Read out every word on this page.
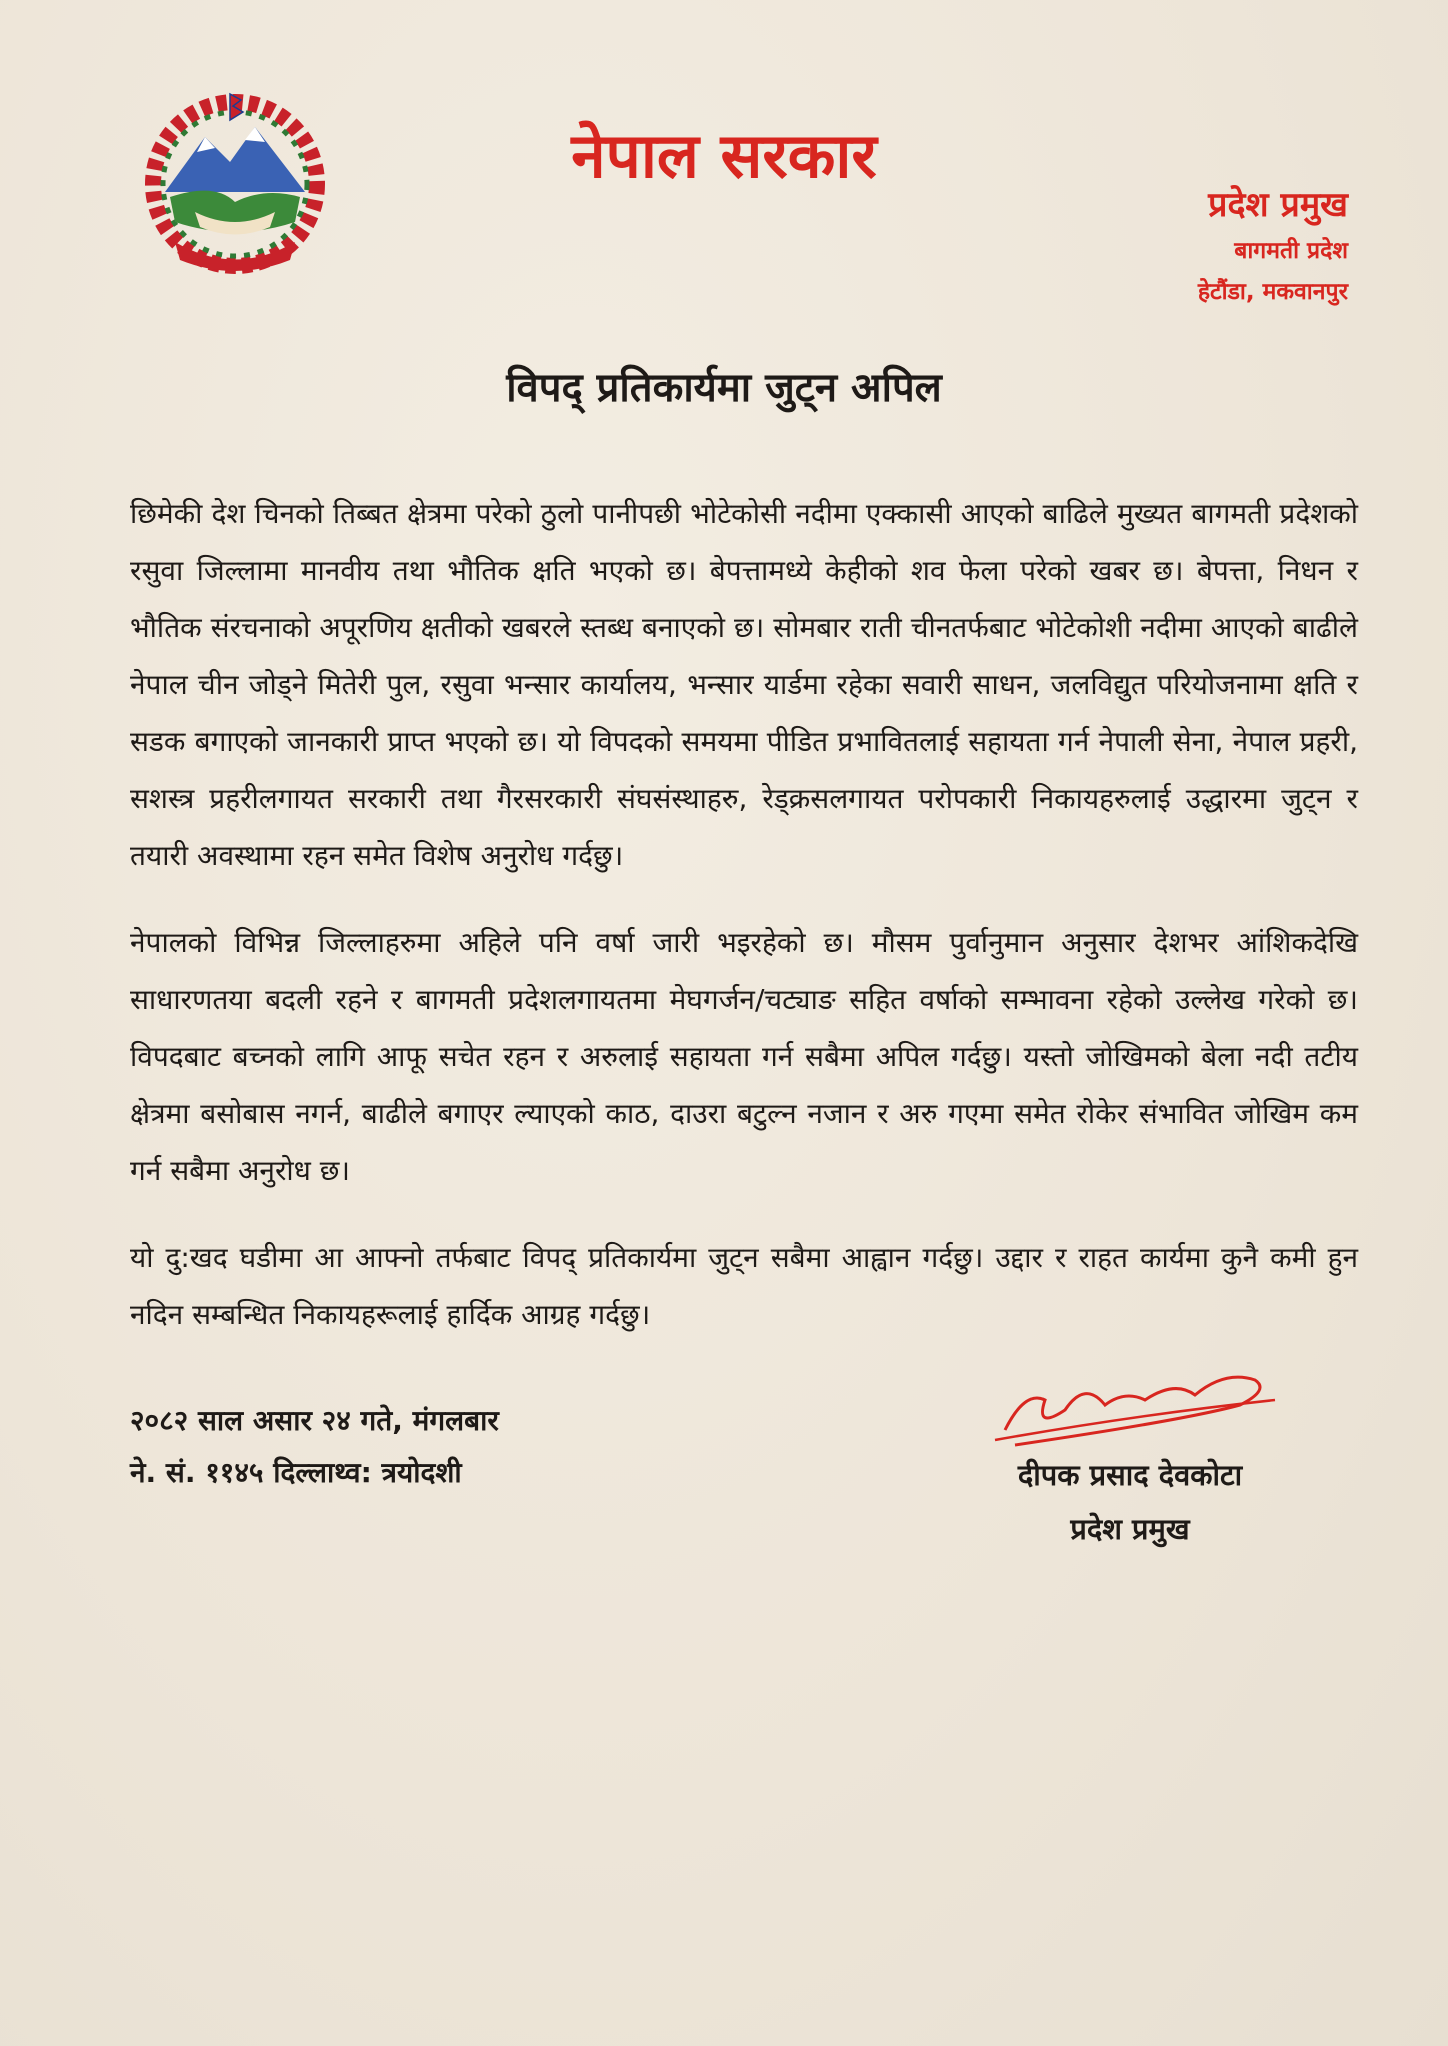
नेपाल सरकार
प्रदेश प्रमुख
बागमती प्रदेश
हेटौंडा, मकवानपुर
विपद् प्रतिकार्यमा जुट्न अपिल

छिमेकी देश चिनको तिब्बत क्षेत्रमा परेको ठुलो पानीपछी भोटेकोसी नदीमा एक्कासी आएको बाढिले मुख्यत बागमती प्रदेशको रसुवा जिल्लामा मानवीय तथा भौतिक क्षति भएको छ। बेपत्तामध्ये केहीको शव फेला परेको खबर छ। बेपत्ता, निधन र भौतिक संरचनाको अपूरणिय क्षतीको खबरले स्तब्ध बनाएको छ। सोमबार राती चीनतर्फबाट भोटेकोशी नदीमा आएको बाढीले नेपाल चीन जोड्ने मितेरी पुल, रसुवा भन्सार कार्यालय, भन्सार यार्डमा रहेका सवारी साधन, जलविद्युत परियोजनामा क्षति र सडक बगाएको जानकारी प्राप्त भएको छ। यो विपदको समयमा पीडित प्रभावितलाई सहायता गर्न नेपाली सेना, नेपाल प्रहरी, सशस्त्र प्रहरीलगायत सरकारी तथा गैरसरकारी संघसंस्थाहरु, रेड्क्रसलगायत परोपकारी निकायहरुलाई उद्धारमा जुट्न र तयारी अवस्थामा रहन समेत विशेष अनुरोध गर्दछु।

नेपालको विभिन्न जिल्लाहरुमा अहिले पनि वर्षा जारी भइरहेको छ। मौसम पुर्वानुमान अनुसार देशभर आंशिकदेखि साधारणतया बदली रहने र बागमती प्रदेशलगायतमा मेघगर्जन/चट्याङ सहित वर्षाको सम्भावना रहेको उल्लेख गरेको छ। विपदबाट बच्नको लागि आफू सचेत रहन र अरुलाई सहायता गर्न सबैमा अपिल गर्दछु। यस्तो जोखिमको बेला नदी तटीय क्षेत्रमा बसोबास नगर्न, बाढीले बगाएर ल्याएको काठ, दाउरा बटुल्न नजान र अरु गएमा समेत रोकेर संभावित जोखिम कम गर्न सबैमा अनुरोध छ।

यो दु:खद घडीमा आ आफ्नो तर्फबाट विपद् प्रतिकार्यमा जुट्न सबैमा आह्वान गर्दछु। उद्दार र राहत कार्यमा कुनै कमी हुन नदिन सम्बन्धित निकायहरूलाई हार्दिक आग्रह गर्दछु।

२०८२ साल असार २४ गते, मंगलबार
ने. सं. ११४५ दिल्लाथ्व: त्रयोदशी	दीपक प्रसाद देवकोटा
प्रदेश प्रमुख
